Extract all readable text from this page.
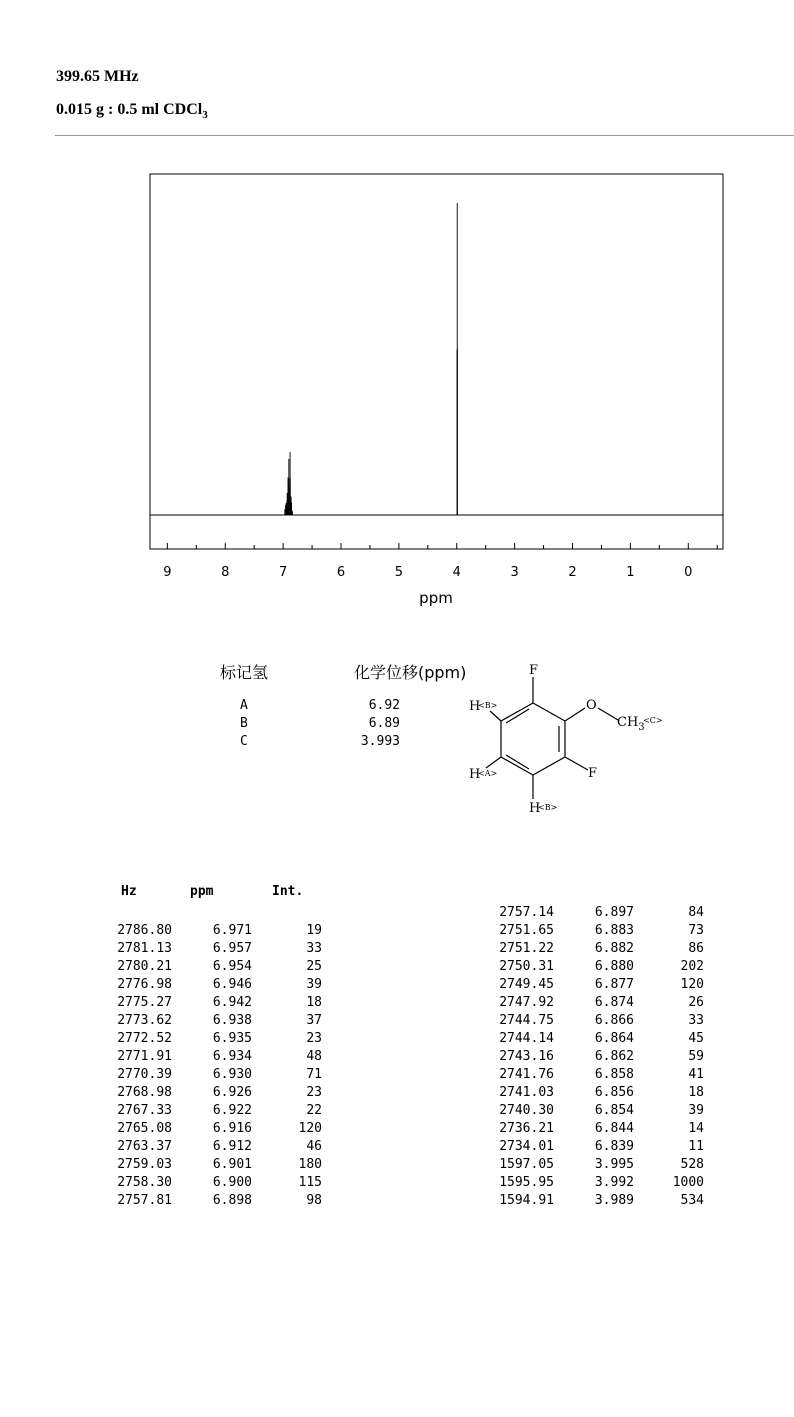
399.65 MHz
0.015 g : 0.5 ml CDCl$_3$
9	8	7	6	5	4	3	2	1	0
ppm
标记氢	化学位移(ppm)
A	6.92
B	6.89
C	3.993
F
O
$CH_3$
<C>
F
H
<B>
H
<A>
H
<B>
Hz	ppm	Int.
2786.80	6.971	19
2781.13	6.957	33
2780.21	6.954	25
2776.98	6.946	39
2775.27	6.942	18
2773.62	6.938	37
2772.52	6.935	23
2771.91	6.934	48
2770.39	6.930	71
2768.98	6.926	23
2767.33	6.922	22
2765.08	6.916	120
2763.37	6.912	46
2759.03	6.901	180
2758.30	6.900	115
2757.81	6.898	98
2757.14	6.897	84
2751.65	6.883	73
2751.22	6.882	86
2750.31	6.880	202
2749.45	6.877	120
2747.92	6.874	26
2744.75	6.866	33
2744.14	6.864	45
2743.16	6.862	59
2741.76	6.858	41
2741.03	6.856	18
2740.30	6.854	39
2736.21	6.844	14
2734.01	6.839	11
1597.05	3.995	528
1595.95	3.992	1000
1594.91	3.989	534
